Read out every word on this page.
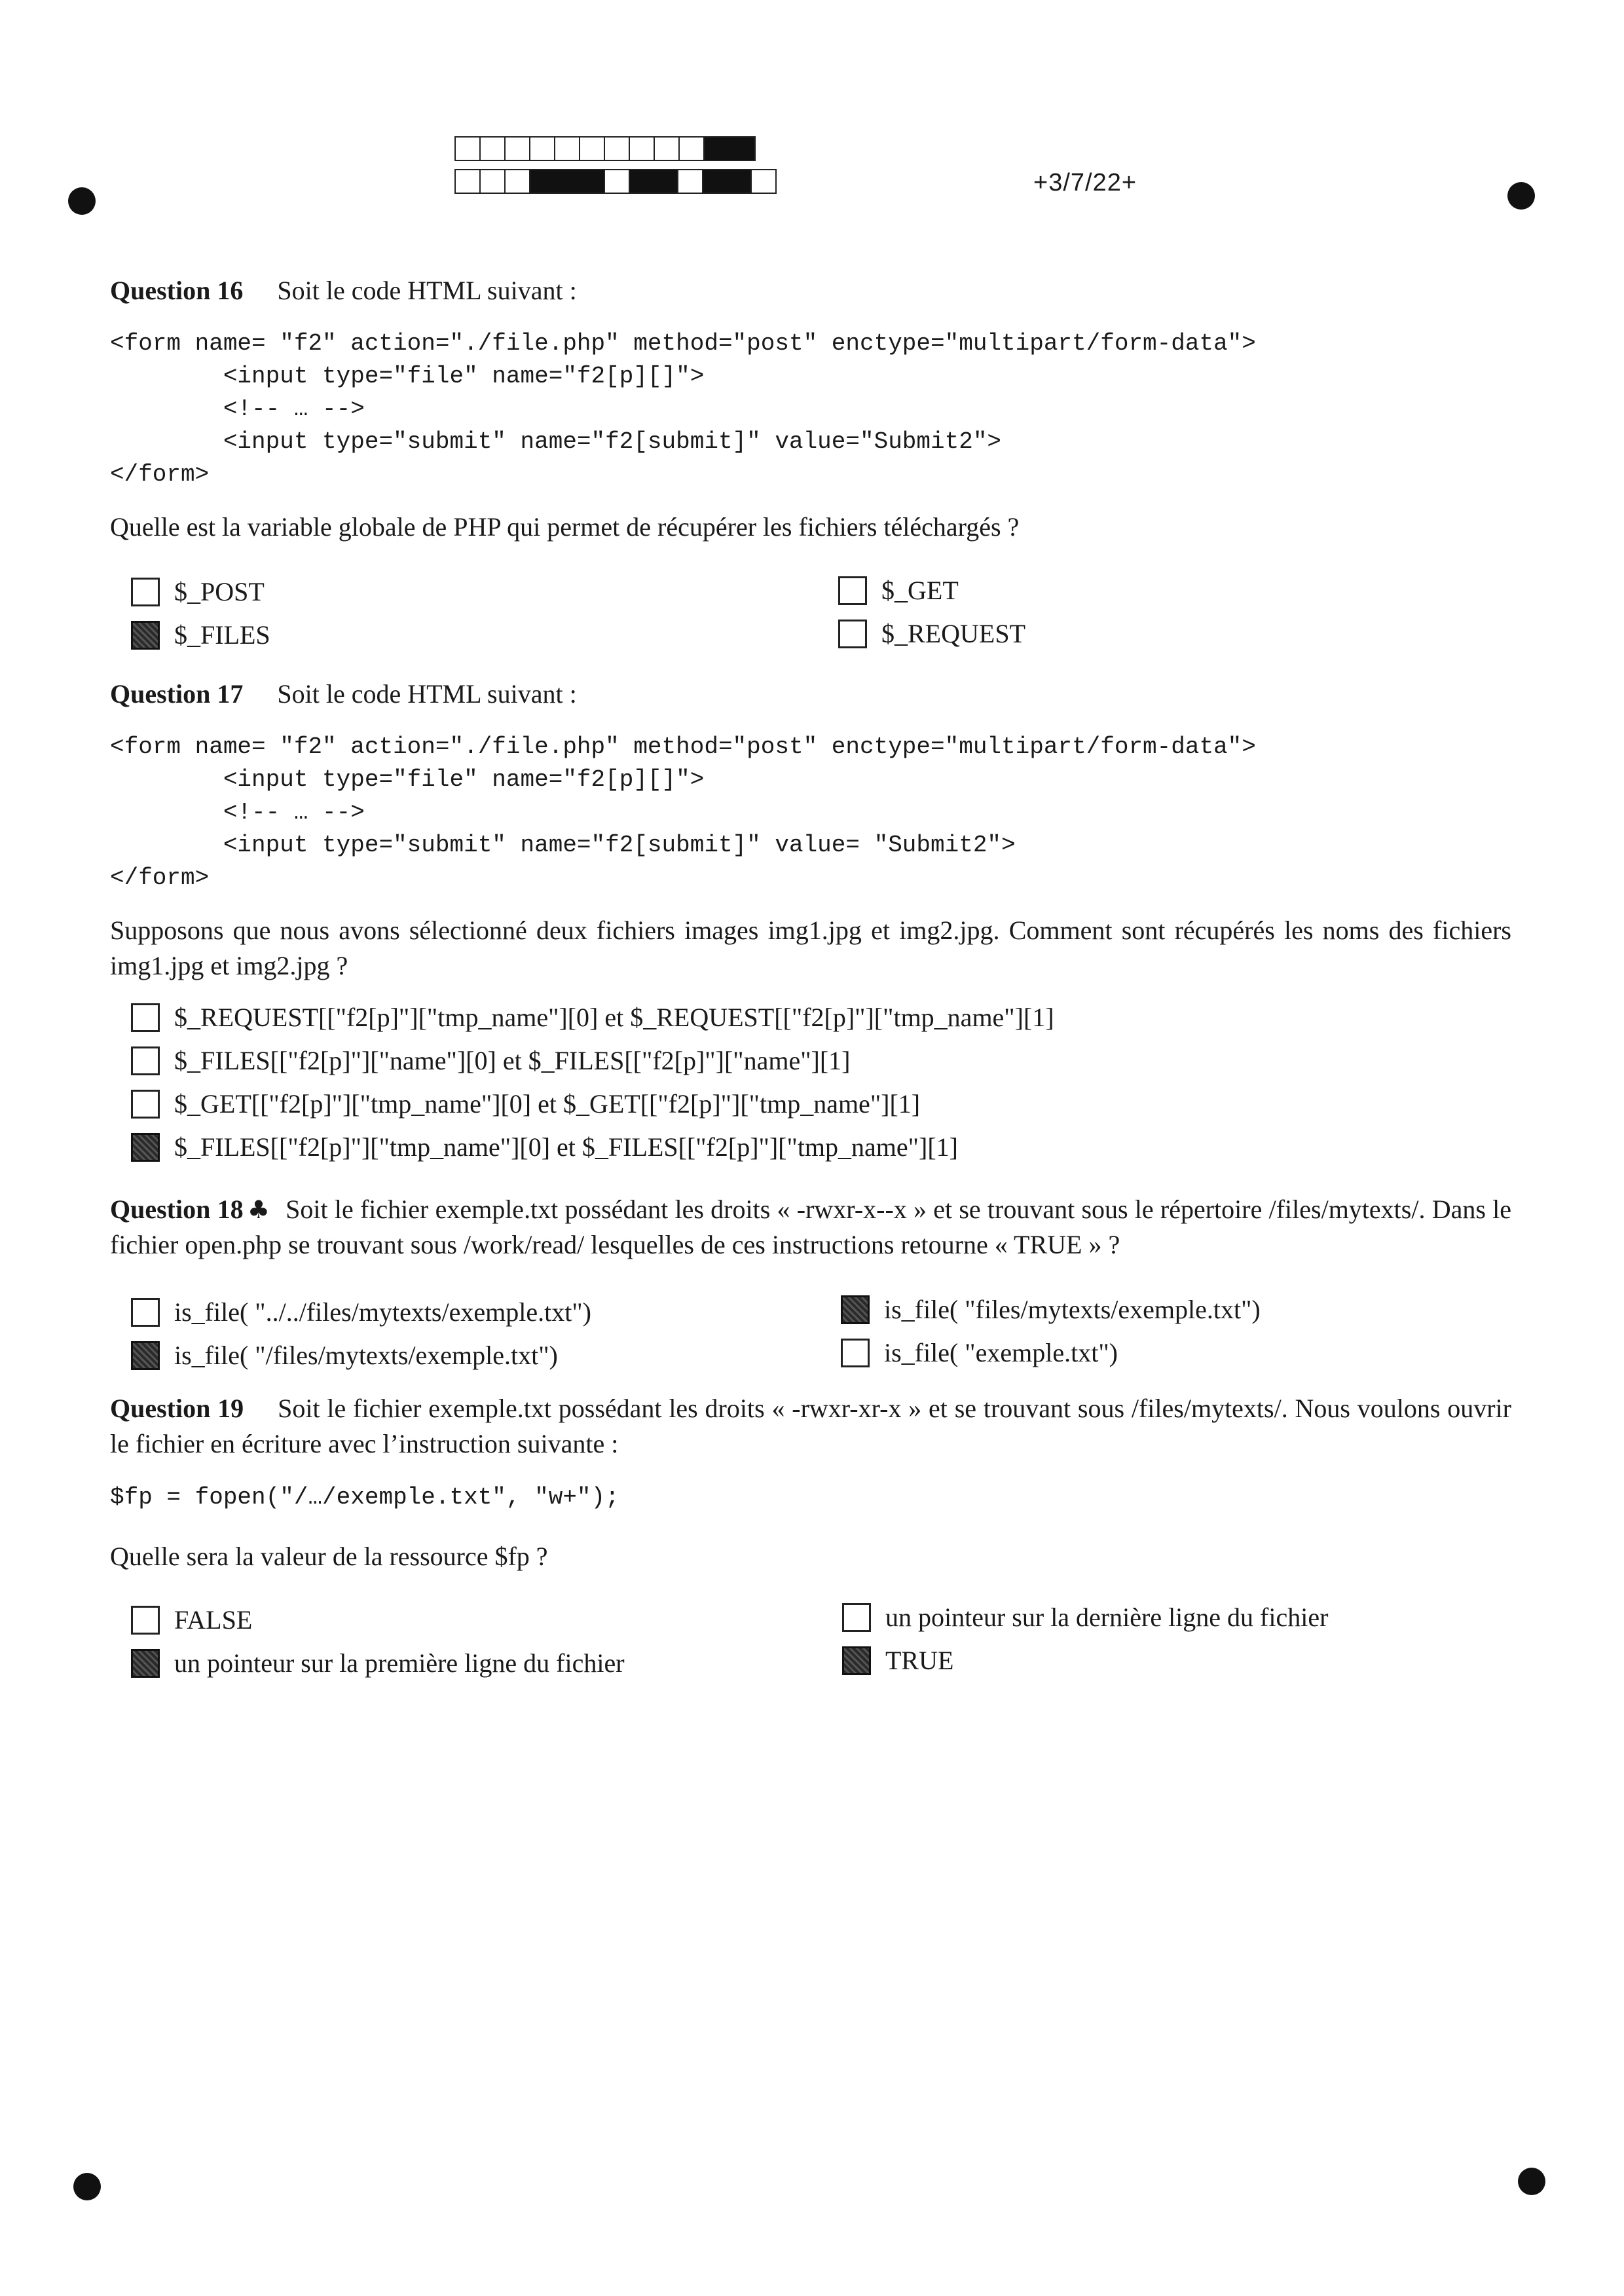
+3/7/22+
Question 16 Soit le code HTML suivant :
<form name= "f2" action="./file.php" method="post" enctype="multipart/form-data">
<input type="file" name="f2[p][]">
<!-- … -->
<input type="submit" name="f2[submit]" value="Submit2">
</form>
Quelle est la variable globale de PHP qui permet de récupérer les fichiers téléchargés ?
$_POST	$_GET
$_FILES	$_REQUEST
Question 17 Soit le code HTML suivant :
<form name= "f2" action="./file.php" method="post" enctype="multipart/form-data">
<input type="file" name="f2[p][]">
<!-- … -->
<input type="submit" name="f2[submit]" value= "Submit2">
</form>
Supposons que nous avons sélectionné deux fichiers images img1.jpg et img2.jpg. Comment sont récupérés les noms des fichiers img1.jpg et img2.jpg ?
$_REQUEST[["f2[p]"]["tmp_name"][0] et $_REQUEST[["f2[p]"]["tmp_name"][1]
$_FILES[["f2[p]"]["name"][0] et $_FILES[["f2[p]"]["name"][1]
$_GET[["f2[p]"]["tmp_name"][0] et $_GET[["f2[p]"]["tmp_name"][1]
$_FILES[["f2[p]"]["tmp_name"][0] et $_FILES[["f2[p]"]["tmp_name"][1]
Question 18 ♣ Soit le fichier exemple.txt possédant les droits « -rwxr-x--x » et se trouvant sous le répertoire /files/mytexts/. Dans le fichier open.php se trouvant sous /work/read/ lesquelles de ces instructions retourne « TRUE » ?
is_file( "../../files/mytexts/exemple.txt")	is_file( "files/mytexts/exemple.txt")
is_file( "/files/mytexts/exemple.txt")	is_file( "exemple.txt")
Question 19 Soit le fichier exemple.txt possédant les droits « -rwxr-xr-x » et se trouvant sous /files/mytexts/. Nous voulons ouvrir le fichier en écriture avec l’instruction suivante :
$fp = fopen("/…/exemple.txt", "w+");
Quelle sera la valeur de la ressource $fp ?
FALSE	un pointeur sur la dernière ligne du fichier
un pointeur sur la première ligne du fichier	TRUE
